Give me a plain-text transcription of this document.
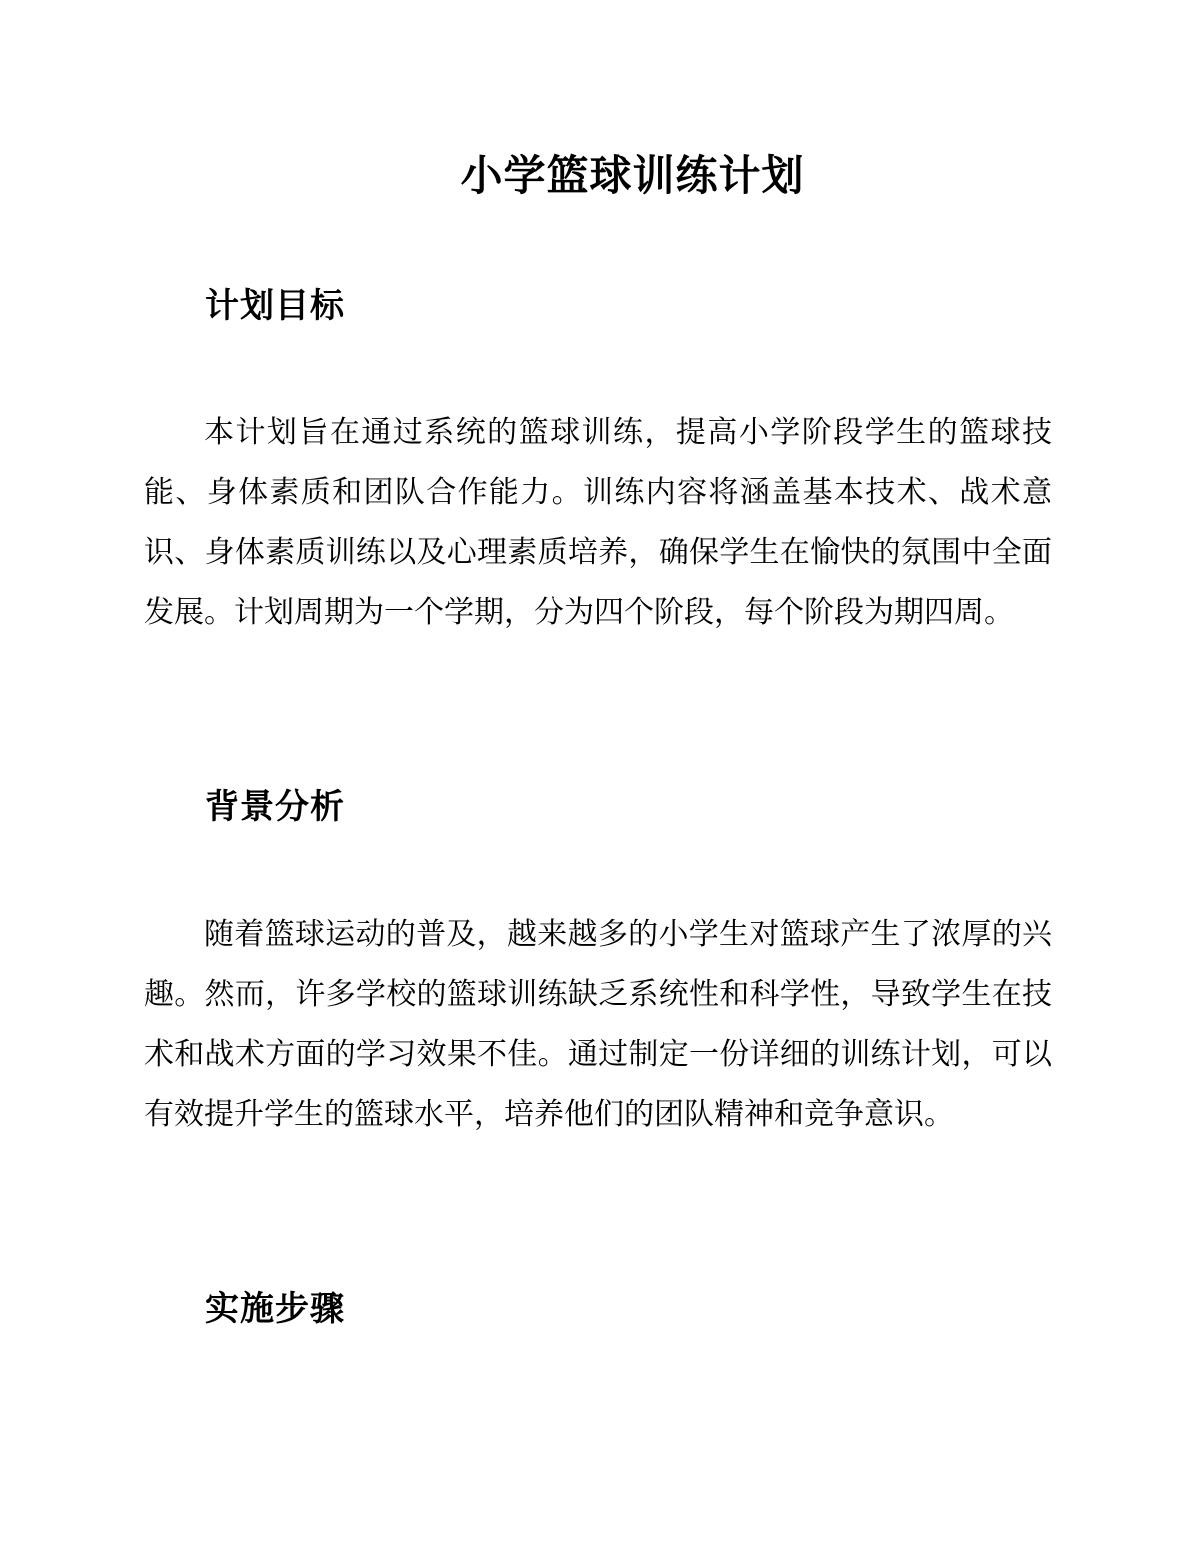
小学篮球训练计划
计划目标

本计划旨在通过系统的篮球训练，提高小学阶段学生的篮球技能、身体素质和团队合作能力。训练内容将涵盖基本技术、战术意识、身体素质训练以及心理素质培养，确保学生在愉快的氛围中全面发展。计划周期为一个学期，分为四个阶段，每个阶段为期四周。

背景分析

随着篮球运动的普及，越来越多的小学生对篮球产生了浓厚的兴趣。然而，许多学校的篮球训练缺乏系统性和科学性，导致学生在技术和战术方面的学习效果不佳。通过制定一份详细的训练计划，可以有效提升学生的篮球水平，培养他们的团队精神和竞争意识。

实施步骤
